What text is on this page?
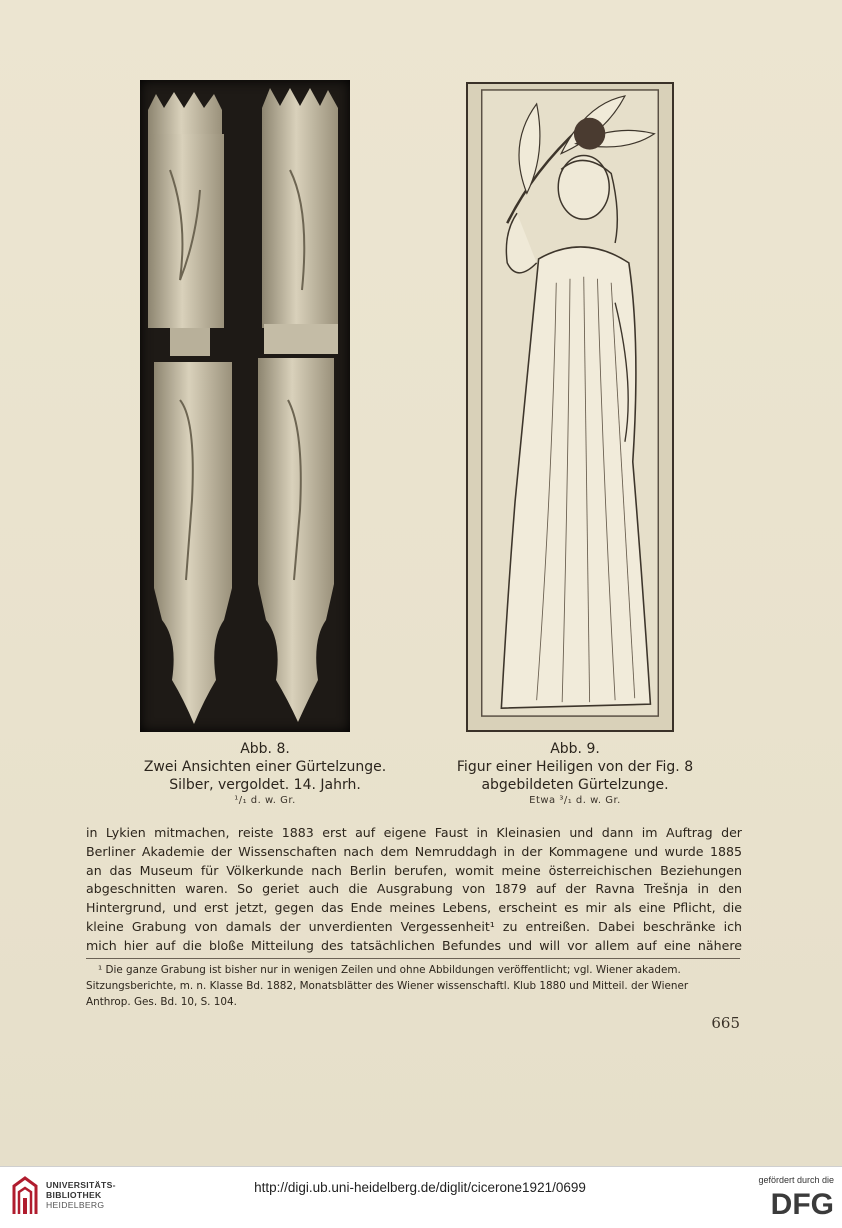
Abb. 8.
Zwei Ansichten einer Gürtelzunge.
Silber, vergoldet. 14. Jahrh.
¹/₁ d. w. Gr.
Abb. 9.
Figur einer Heiligen von der Fig. 8
abgebildeten Gürtelzunge.
Etwa ³/₁ d. w. Gr.

in Lykien mitmachen, reiste 1883 erst auf eigene Faust in Kleinasien und dann im Auftrag der

Berliner Akademie der Wissenschaften nach dem Nemruddagh in der Kommagene und wurde 1885

an das Museum für Völkerkunde nach Berlin berufen, womit meine österreichischen Beziehungen

abgeschnitten waren. So geriet auch die Ausgrabung von 1879 auf der Ravna Trešnja in den

Hintergrund, und erst jetzt, gegen das Ende meines Lebens, erscheint es mir als eine Pflicht, die

kleine Grabung von damals der unverdienten Vergessenheit¹ zu entreißen. Dabei beschränke ich

mich hier auf die bloße Mitteilung des tatsächlichen Befundes und will vor allem auf eine nähere

¹ Die ganze Grabung ist bisher nur in wenigen Zeilen und ohne Abbildungen veröffentlicht; vgl. Wiener akadem.

Sitzungsberichte, m. n. Klasse Bd. 1882, Monatsblätter des Wiener wissenschaftl. Klub 1880 und Mitteil. der Wiener

Anthrop. Ges. Bd. 10, S. 104.

665
UNIVERSITÄTS-
BIBLIOTHEK
HEIDELBERG
http://digi.ub.uni-heidelberg.de/diglit/cicerone1921/0699	gefördert durch die
DFG
